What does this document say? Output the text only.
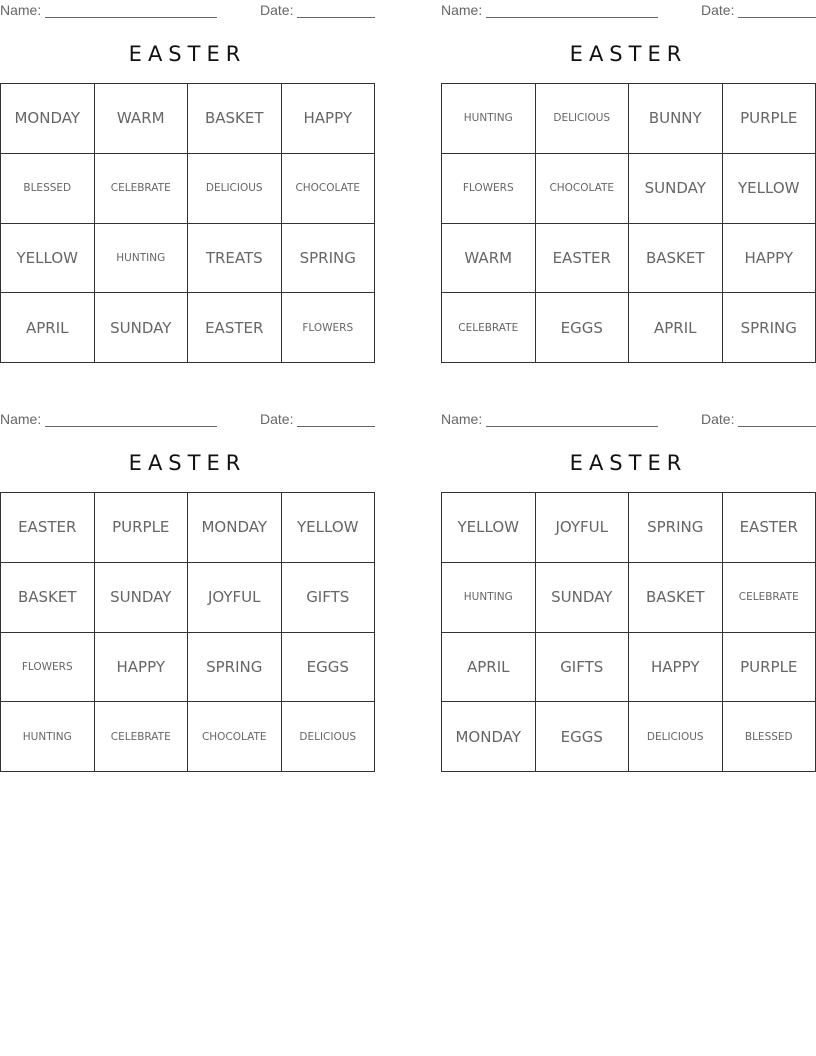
Name:	Date:
EASTER
MONDAY	WARM	BASKET	HAPPY
BLESSED	CELEBRATE	DELICIOUS	CHOCOLATE
YELLOW	HUNTING	TREATS	SPRING
APRIL	SUNDAY	EASTER	FLOWERS
Name:	Date:
EASTER
HUNTING	DELICIOUS	BUNNY	PURPLE
FLOWERS	CHOCOLATE	SUNDAY	YELLOW
WARM	EASTER	BASKET	HAPPY
CELEBRATE	EGGS	APRIL	SPRING
Name:	Date:
EASTER
EASTER	PURPLE	MONDAY	YELLOW
BASKET	SUNDAY	JOYFUL	GIFTS
FLOWERS	HAPPY	SPRING	EGGS
HUNTING	CELEBRATE	CHOCOLATE	DELICIOUS
Name:	Date:
EASTER
YELLOW	JOYFUL	SPRING	EASTER
HUNTING	SUNDAY	BASKET	CELEBRATE
APRIL	GIFTS	HAPPY	PURPLE
MONDAY	EGGS	DELICIOUS	BLESSED
